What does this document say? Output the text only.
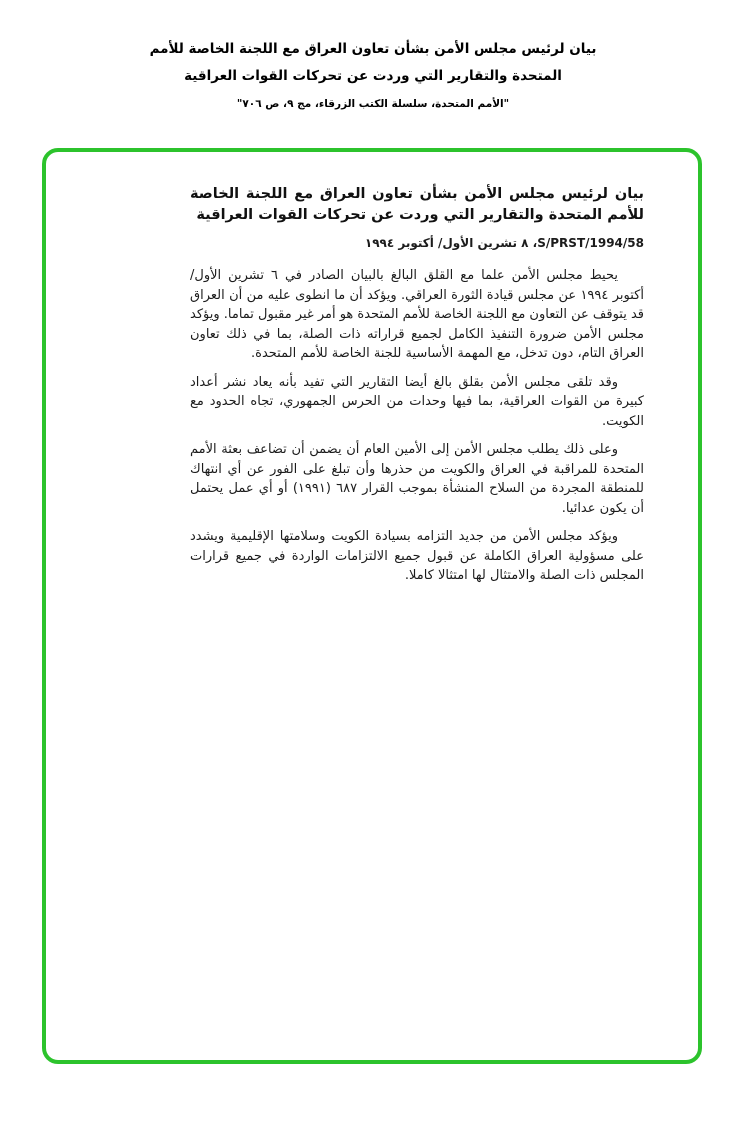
بيان لرئيس مجلس الأمن بشأن تعاون العراق مع اللجنة الخاصة للأمم المتحدة والتقارير التي وردت عن تحركات القوات العراقية
"الأمم المتحدة، سلسلة الكتب الزرقاء، مج ٩، ص ٧٠٦"

بيان لرئيس مجلس الأمن بشأن تعاون العراق مع اللجنة الخاصة للأمم المتحدة والتقارير التي وردت عن تحركات القوات العراقية

S/PRST/1994/58، ٨ تشرين الأول/ أكتوبر ١٩٩٤

يحيط مجلس الأمن علما مع القلق البالغ بالبيان الصادر في ٦ تشرين الأول/ أكتوبر ١٩٩٤ عن مجلس قيادة الثورة العراقي. ويؤكد أن ما انطوى عليه من أن العراق قد يتوقف عن التعاون مع اللجنة الخاصة للأمم المتحدة هو أمر غير مقبول تماما. ويؤكد مجلس الأمن ضرورة التنفيذ الكامل لجميع قراراته ذات الصلة، بما في ذلك تعاون العراق التام، دون تدخل، مع المهمة الأساسية للجنة الخاصة للأمم المتحدة.

وقد تلقى مجلس الأمن بقلق بالغ أيضا التقارير التي تفيد بأنه يعاد نشر أعداد كبيرة من القوات العراقية، بما فيها وحدات من الحرس الجمهوري، تجاه الحدود مع الكويت.

وعلى ذلك يطلب مجلس الأمن إلى الأمين العام أن يضمن أن تضاعف بعثة الأمم المتحدة للمراقبة في العراق والكويت من حذرها وأن تبلغ على الفور عن أي انتهاك للمنطقة المجردة من السلاح المنشأة بموجب القرار ٦٨٧ (١٩٩١) أو أي عمل يحتمل أن يكون عدائيا.

ويؤكد مجلس الأمن من جديد التزامه بسيادة الكويت وسلامتها الإقليمية ويشدد على مسؤولية العراق الكاملة عن قبول جميع الالتزامات الواردة في جميع قرارات المجلس ذات الصلة والامتثال لها امتثالا كاملا.
